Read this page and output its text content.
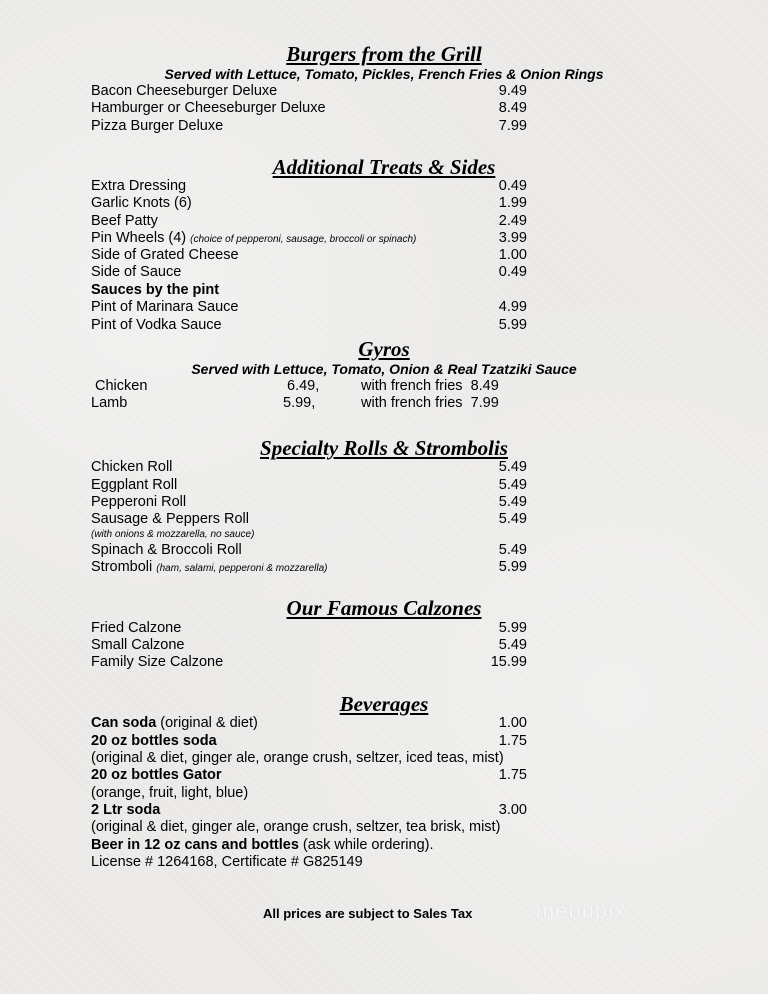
Burgers from the Grill
Served with Lettuce, Tomato, Pickles, French Fries & Onion Rings
Bacon Cheeseburger Deluxe	9.49
Hamburger or Cheeseburger Deluxe	8.49
Pizza Burger Deluxe	7.99
Additional Treats & Sides
Extra Dressing	0.49
Garlic Knots (6)	1.99
Beef Patty	2.49
Pin Wheels (4) (choice of pepperoni, sausage, broccoli or spinach)	3.99
Side of Grated Cheese	1.00
Side of Sauce	0.49
Sauces by the pint
Pint of Marinara Sauce	4.99
Pint of Vodka Sauce	5.99
Gyros
Served with Lettuce, Tomato, Onion & Real Tzatziki Sauce
Chicken	6.49,	with french fries  8.49
Lamb	5.99,	with french fries  7.99
Specialty Rolls & Strombolis
Chicken Roll	5.49
Eggplant Roll	5.49
Pepperoni Roll	5.49
Sausage & Peppers Roll	5.49
(with onions & mozzarella, no sauce)
Spinach & Broccoli Roll	5.49
Stromboli (ham, salami, pepperoni & mozzarella)	5.99
Our Famous Calzones
Fried Calzone	5.99
Small Calzone	5.49
Family Size Calzone	15.99
Beverages
Can soda (original & diet)	1.00
20 oz bottles soda	1.75
(original & diet, ginger ale, orange crush, seltzer, iced teas, mist)
20 oz bottles Gator	1.75
(orange, fruit, light, blue)
2 Ltr soda	3.00
(original & diet, ginger ale, orange crush, seltzer, tea brisk, mist)
Beer in 12 oz cans and bottles (ask while ordering).
License # 1264168, Certificate # G825149
All prices are subject to Sales Tax	menupix
